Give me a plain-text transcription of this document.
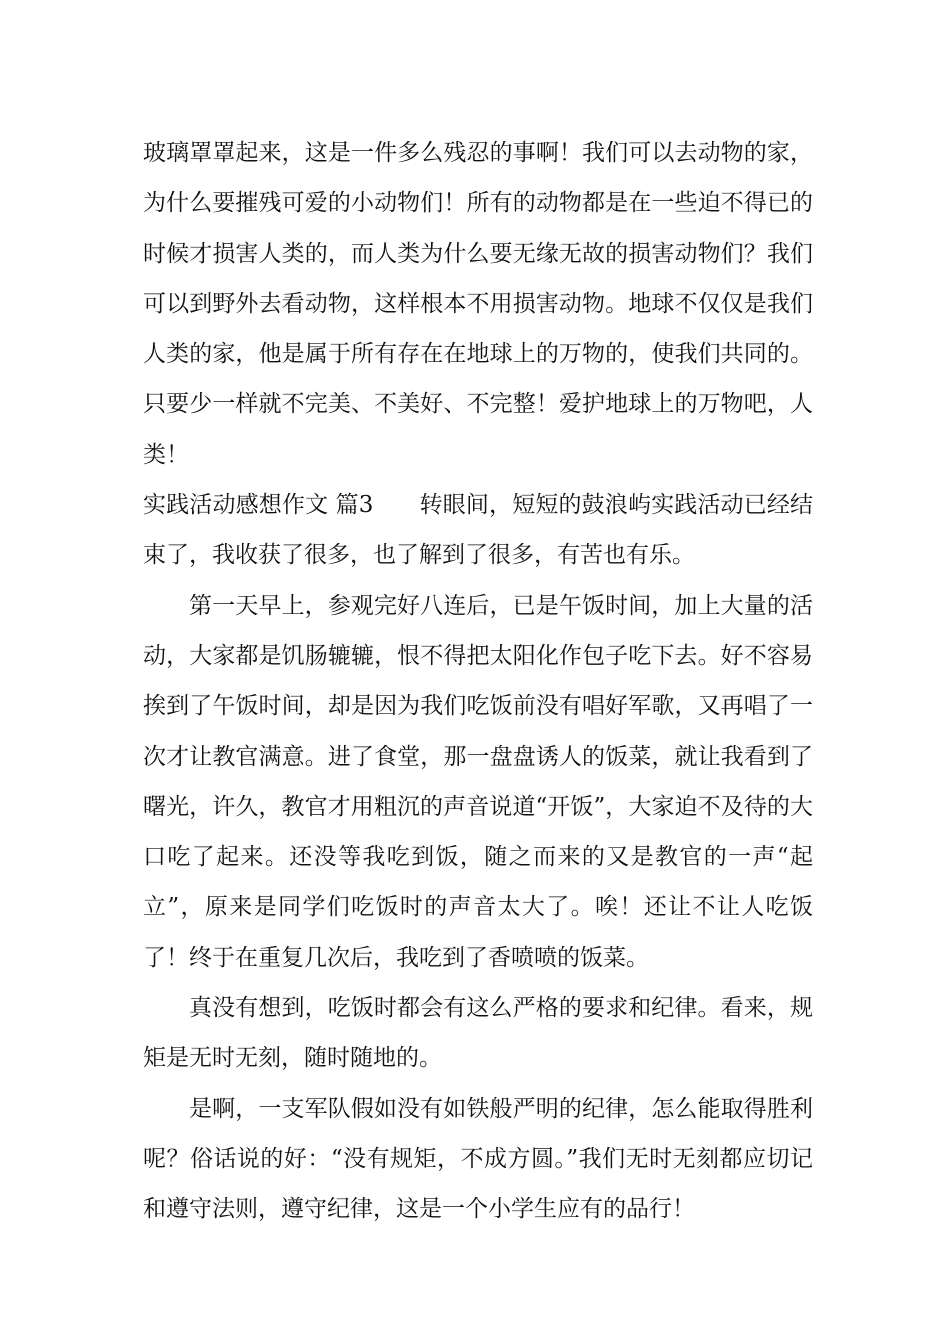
玻璃罩罩起来，这是一件多么残忍的事啊！我们可以去动物的家，为什么要摧残可爱的小动物们！所有的动物都是在一些迫不得已的时候才损害人类的，而人类为什么要无缘无故的损害动物们？我们可以到野外去看动物，这样根本不用损害动物。地球不仅仅是我们人类的家，他是属于所有存在在地球上的万物的，使我们共同的。只要少一样就不完美、不美好、不完整！爱护地球上的万物吧，人类！

实践活动感想作文 篇3 转眼间，短短的鼓浪屿实践活动已经结束了，我收获了很多，也了解到了很多，有苦也有乐。

第一天早上，参观完好八连后，已是午饭时间，加上大量的活动，大家都是饥肠辘辘，恨不得把太阳化作包子吃下去。好不容易挨到了午饭时间，却是因为我们吃饭前没有唱好军歌，又再唱了一次才让教官满意。进了食堂，那一盘盘诱人的饭菜，就让我看到了曙光，许久，教官才用粗沉的声音说道“开饭”，大家迫不及待的大口吃了起来。还没等我吃到饭，随之而来的又是教官的一声“起立”，原来是同学们吃饭时的声音太大了。唉！还让不让人吃饭了！终于在重复几次后，我吃到了香喷喷的饭菜。

真没有想到，吃饭时都会有这么严格的要求和纪律。看来，规矩是无时无刻，随时随地的。

是啊，一支军队假如没有如铁般严明的纪律，怎么能取得胜利呢？俗话说的好：“没有规矩，不成方圆。”我们无时无刻都应切记和遵守法则，遵守纪律，这是一个小学生应有的品行！
